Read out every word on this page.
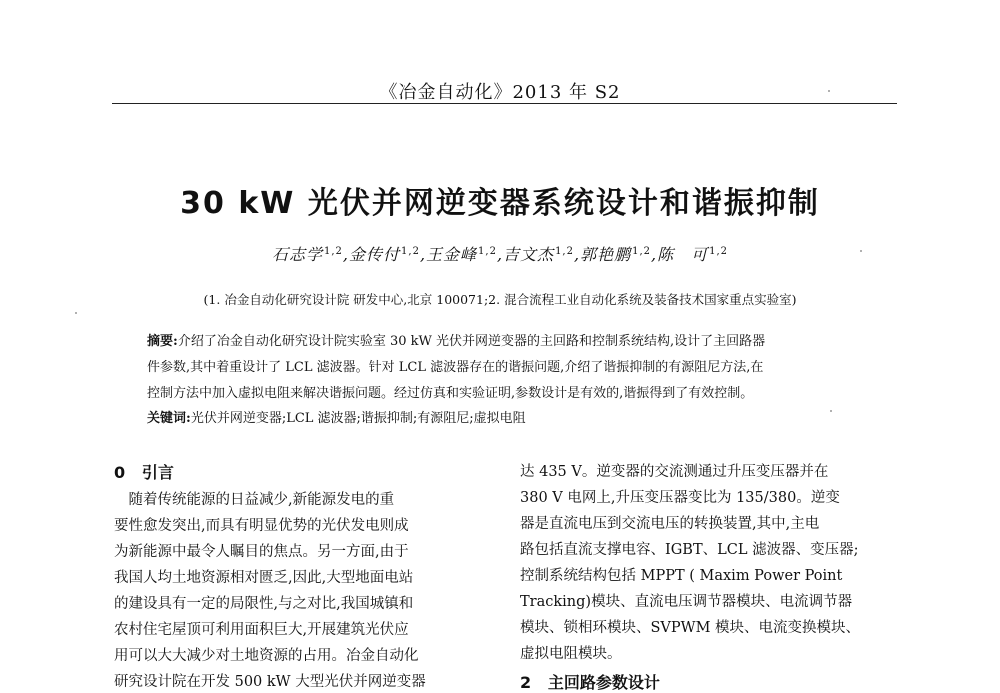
《冶金自动化》2013 年 S2
30 kW 光伏并网逆变器系统设计和谐振抑制
石志学$^{1,2}$,金传付$^{1,2}$,王金峰$^{1,2}$,吉文杰$^{1,2}$,郭艳鹏$^{1,2}$,陈　可$^{1,2}$
(1. 冶金自动化研究设计院 研发中心,北京 100071;2. 混合流程工业自动化系统及装备技术国家重点实验室)
摘要:介绍了冶金自动化研究设计院实验室 30 kW 光伏并网逆变器的主回路和控制系统结构,设计了主回路器
件参数,其中着重设计了 LCL 滤波器。针对 LCL 滤波器存在的谐振问题,介绍了谐振抑制的有源阻尼方法,在
控制方法中加入虚拟电阻来解决谐振问题。经过仿真和实验证明,参数设计是有效的,谐振得到了有效控制。
关键词:光伏并网逆变器;LCL 滤波器;谐振抑制;有源阻尼;虚拟电阻
0 引言
　随着传统能源的日益减少,新能源发电的重
要性愈发突出,而具有明显优势的光伏发电则成
为新能源中最令人瞩目的焦点。另一方面,由于
我国人均土地资源相对匮乏,因此,大型地面电站
的建设具有一定的局限性,与之对比,我国城镇和
农村住宅屋顶可利用面积巨大,开展建筑光伏应
用可以大大减少对土地资源的占用。冶金自动化
研究设计院在开发 500 kW 大型光伏并网逆变器
达 435 V。逆变器的交流测通过升压变压器并在
380 V 电网上,升压变压器变比为 135/380。逆变
器是直流电压到交流电压的转换装置,其中,主电
路包括直流支撑电容、IGBT、LCL 滤波器、变压器;
控制系统结构包括 MPPT ( Maxim Power Point
Tracking)模块、直流电压调节器模块、电流调节器
模块、锁相环模块、SVPWM 模块、电流变换模块、
虚拟电阻模块。
2 主回路参数设计
